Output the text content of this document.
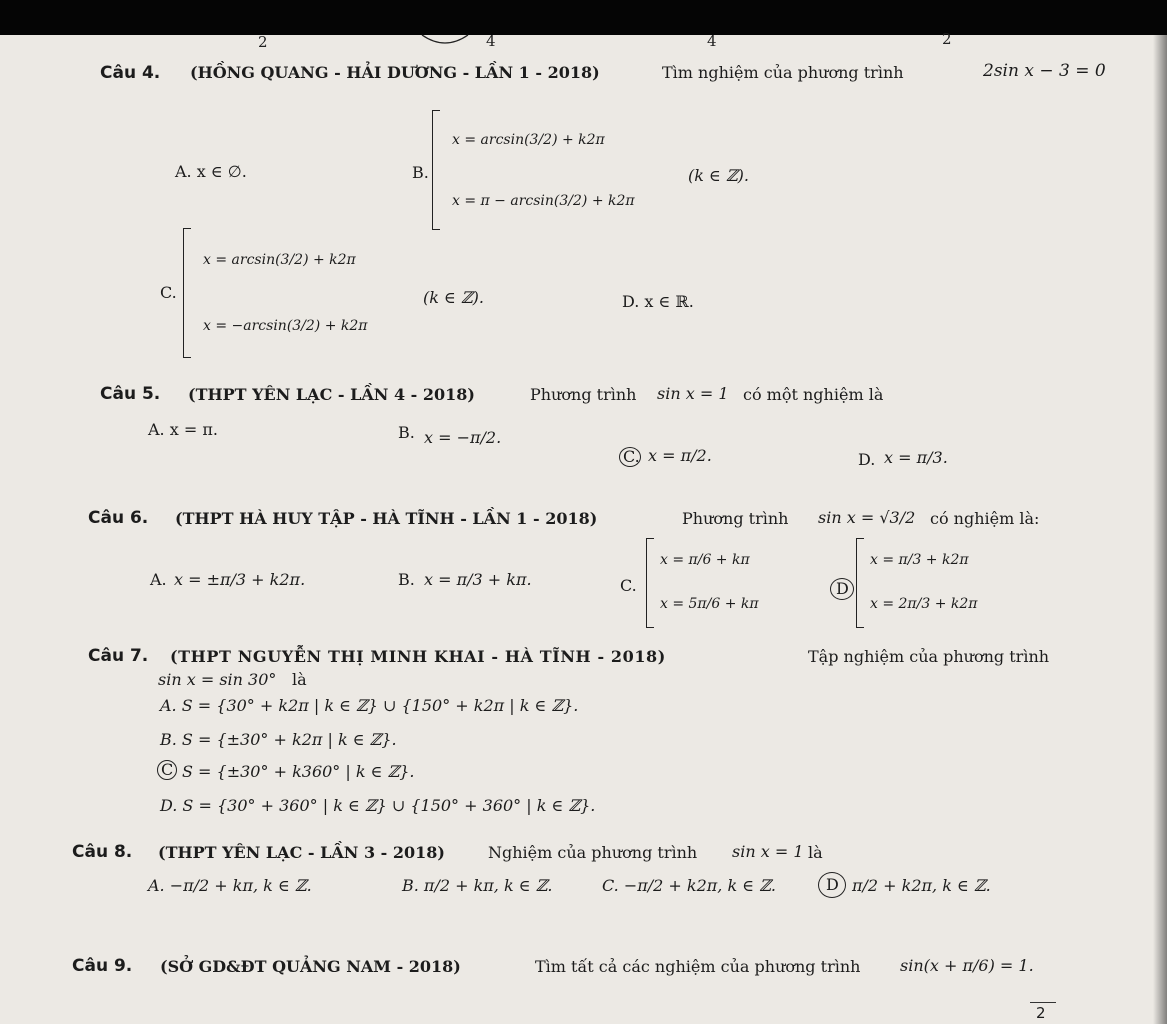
2	4	4	2
Câu 4. (HỒNG QUANG - HẢI DƯƠNG - LẦN 1 - 2018)	Tìm nghiệm của phương trình	2sin x − 3 = 0
A. x ∈ ∅.	B.
x = arcsin(3/2) + k2π
x = π − arcsin(3/2) + k2π
(k ∈ ℤ).
C.
x = arcsin(3/2) + k2π
x = −arcsin(3/2) + k2π
(k ∈ ℤ).	D. x ∈ ℝ.
Câu 5. (THPT YÊN LẠC - LẦN 4 - 2018)	Phương trình sin x = 1 có một nghiệm là
A. x = π.	B. x = −π/2.
C. x = π/2.	D. x = π/3.
Câu 6. (THPT HÀ HUY TẬP - HÀ TĨNH - LẦN 1 - 2018)	Phương trình sin x = √3/2 có nghiệm là:
A. x = ±π/3 + k2π.	B. x = π/3 + kπ.	C.
x = π/6 + kπ
x = 5π/6 + kπ
D
x = π/3 + k2π
x = 2π/3 + k2π
Câu 7. (THPT NGUYỄN THỊ MINH KHAI - HÀ TĨNH - 2018)	Tập nghiệm của phương trình
sin x = sin 30° là
A. S = {30° + k2π | k ∈ ℤ} ∪ {150° + k2π | k ∈ ℤ}.
B. S = {±30° + k2π | k ∈ ℤ}.
C S = {±30° + k360° | k ∈ ℤ}.
D. S = {30° + 360° | k ∈ ℤ} ∪ {150° + 360° | k ∈ ℤ}.
Câu 8. (THPT YÊN LẠC - LẦN 3 - 2018)	Nghiệm của phương trình sin x = 1 là
A. −π/2 + kπ, k ∈ ℤ.	B. π/2 + kπ, k ∈ ℤ.	C. −π/2 + k2π, k ∈ ℤ.	D π/2 + k2π, k ∈ ℤ.
Câu 9. (SỞ GD&ĐT QUẢNG NAM - 2018)	Tìm tất cả các nghiệm của phương trình sin(x + π/6) = 1.
2
